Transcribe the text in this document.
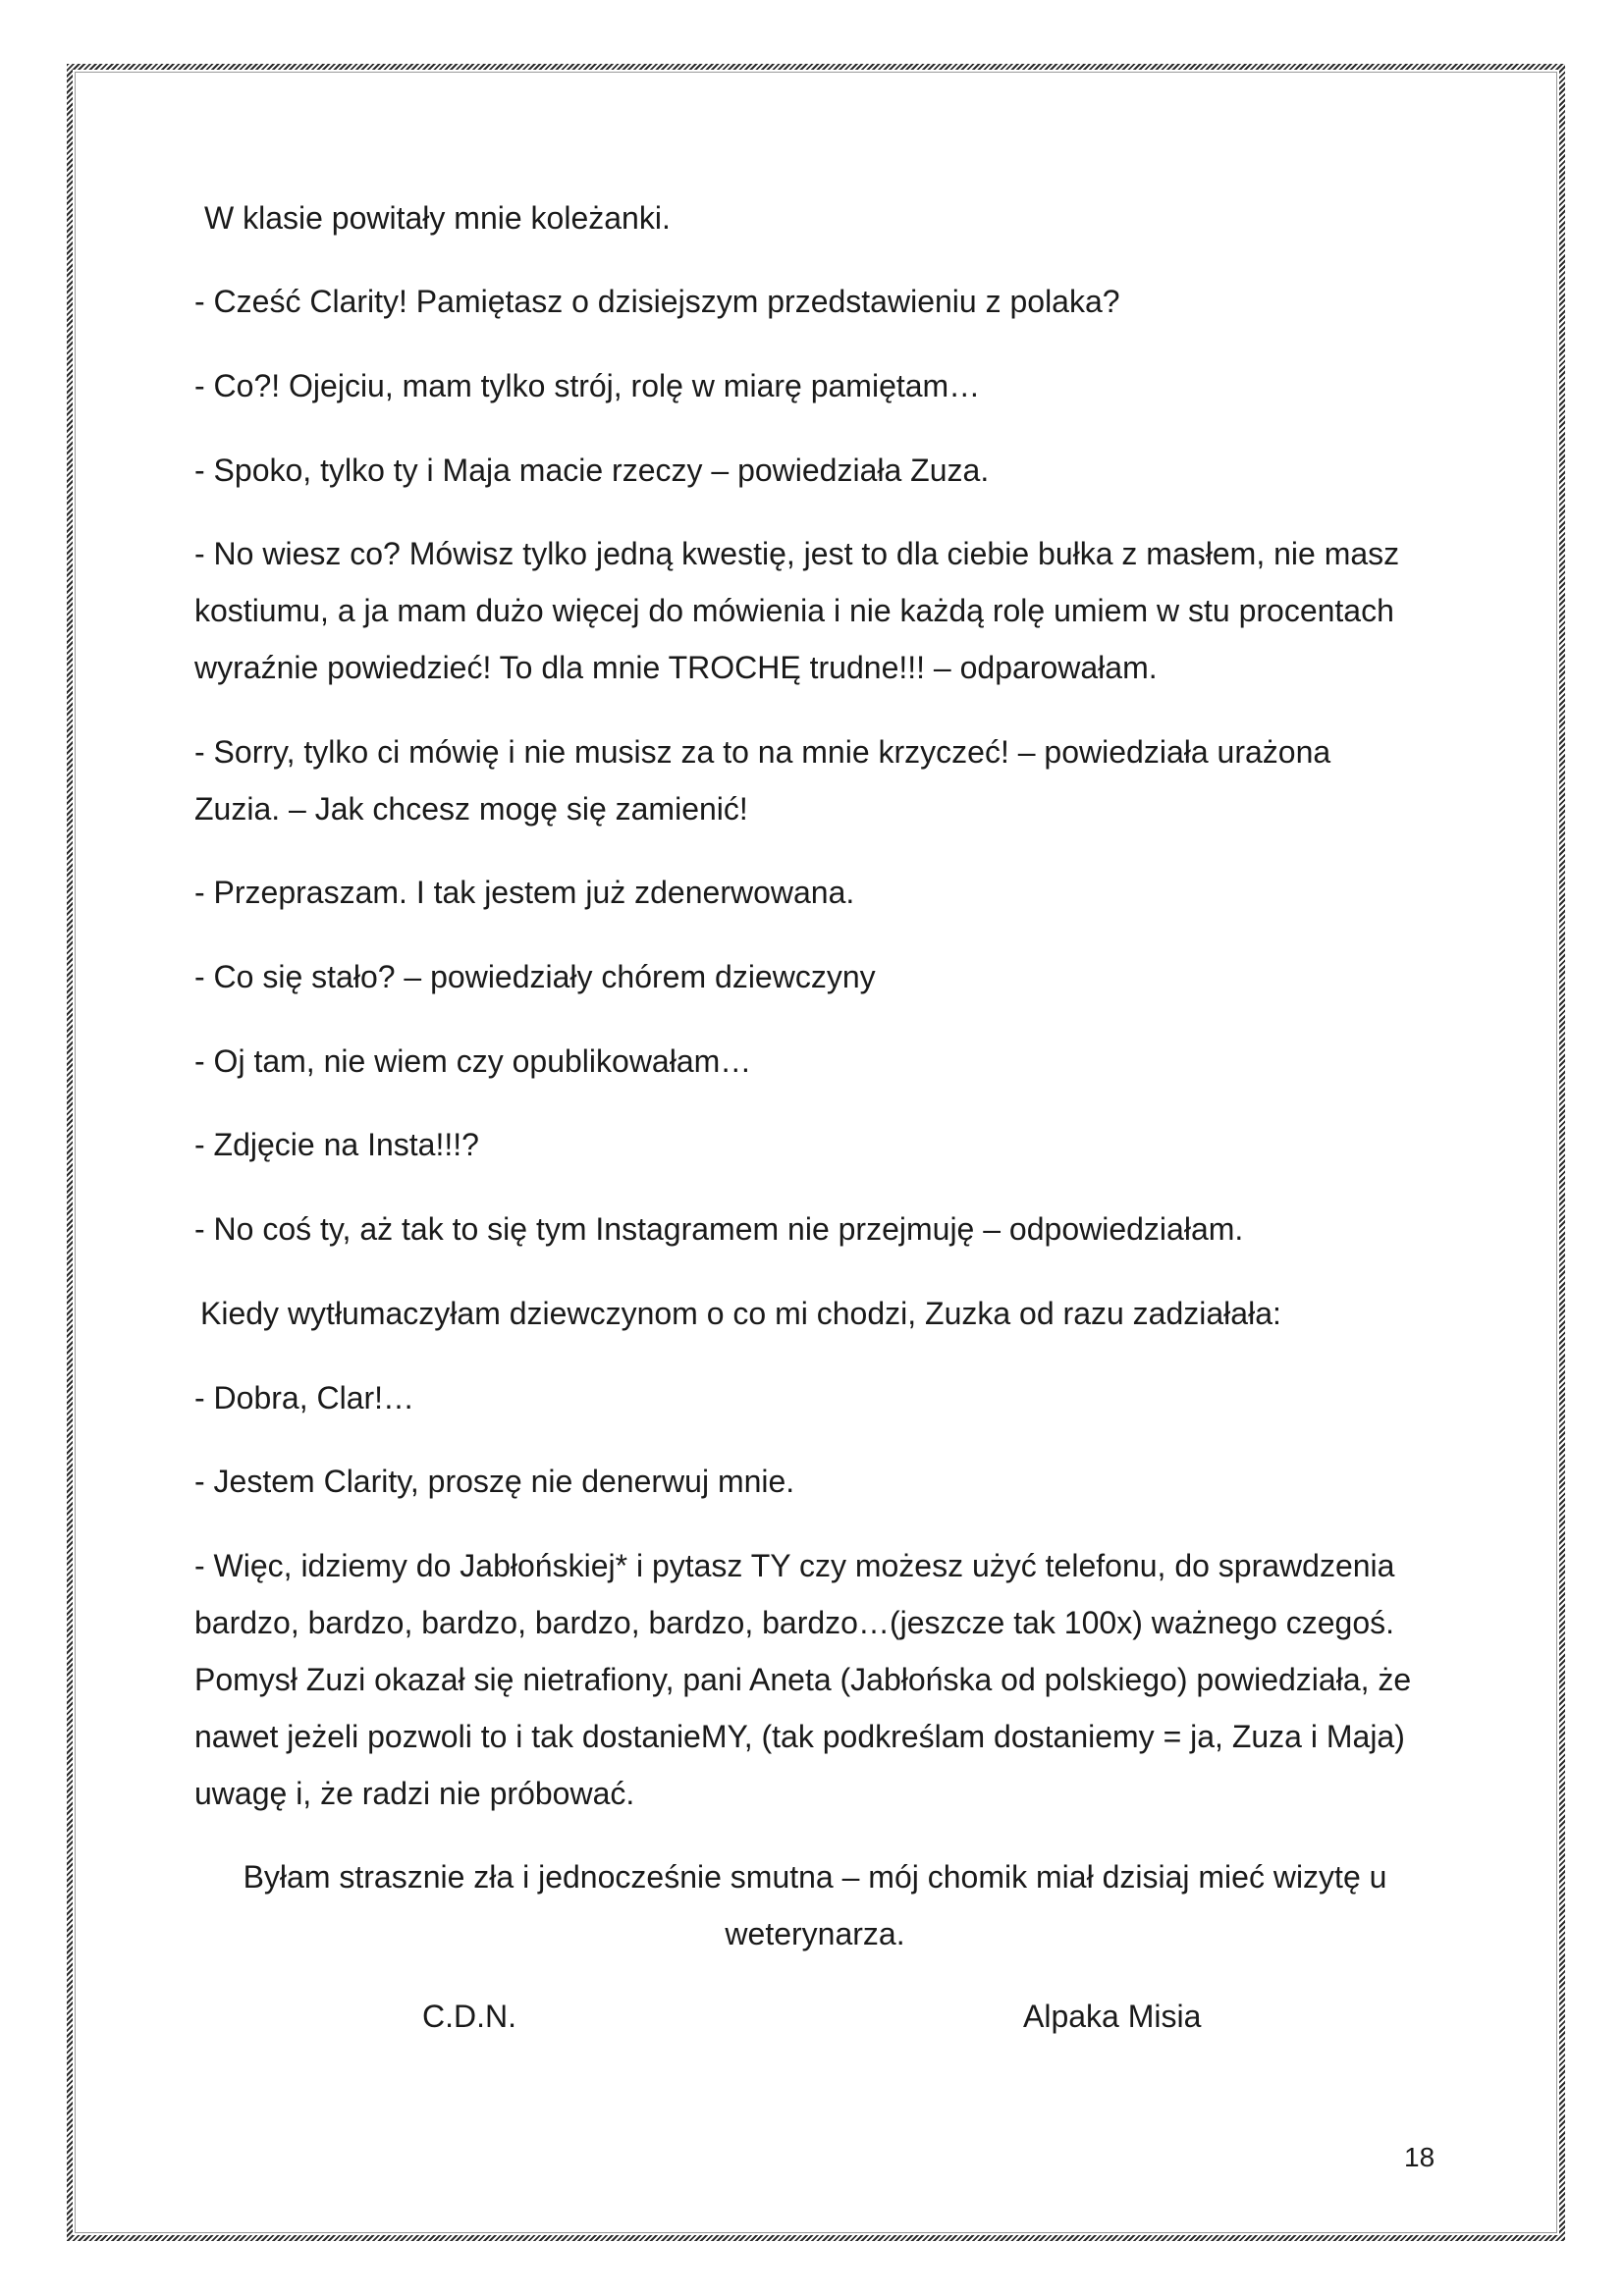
W klasie powitały mnie koleżanki.

- Cześć Clarity! Pamiętasz o dzisiejszym przedstawieniu z polaka?

- Co?! Ojejciu, mam tylko strój, rolę w miarę pamiętam…

- Spoko, tylko ty i Maja macie rzeczy – powiedziała Zuza.

- No wiesz co? Mówisz tylko jedną kwestię, jest to dla ciebie bułka z masłem, nie masz kostiumu, a ja mam dużo więcej do mówienia i nie każdą rolę umiem w stu procentach wyraźnie powiedzieć! To dla mnie TROCHĘ trudne!!! – odparowałam.

- Sorry, tylko ci mówię i nie musisz za to na mnie krzyczeć! – powiedziała urażona Zuzia. – Jak chcesz mogę się zamienić!

- Przepraszam. I tak jestem już zdenerwowana.

- Co się stało? – powiedziały chórem dziewczyny

- Oj tam, nie wiem czy opublikowałam…

- Zdjęcie na Insta!!!?

- No coś ty, aż tak to się tym Instagramem nie przejmuję – odpowiedziałam.

Kiedy wytłumaczyłam dziewczynom o co mi chodzi, Zuzka od razu zadziałała:

- Dobra, Clar!…

- Jestem Clarity, proszę nie denerwuj mnie.

- Więc, idziemy do Jabłońskiej* i pytasz TY czy możesz użyć telefonu, do sprawdzenia bardzo, bardzo, bardzo, bardzo, bardzo, bardzo…(jeszcze tak 100x) ważnego czegoś. Pomysł Zuzi okazał się nietrafiony, pani Aneta (Jabłońska od polskiego) powiedziała, że nawet jeżeli pozwoli to i tak dostanieMY, (tak podkreślam dostaniemy = ja, Zuza i Maja) uwagę i, że radzi nie próbować.

Byłam strasznie zła i jednocześnie smutna – mój chomik miał dzisiaj mieć wizytę u weterynarza.

C.D.N.	Alpaka Misia

18
